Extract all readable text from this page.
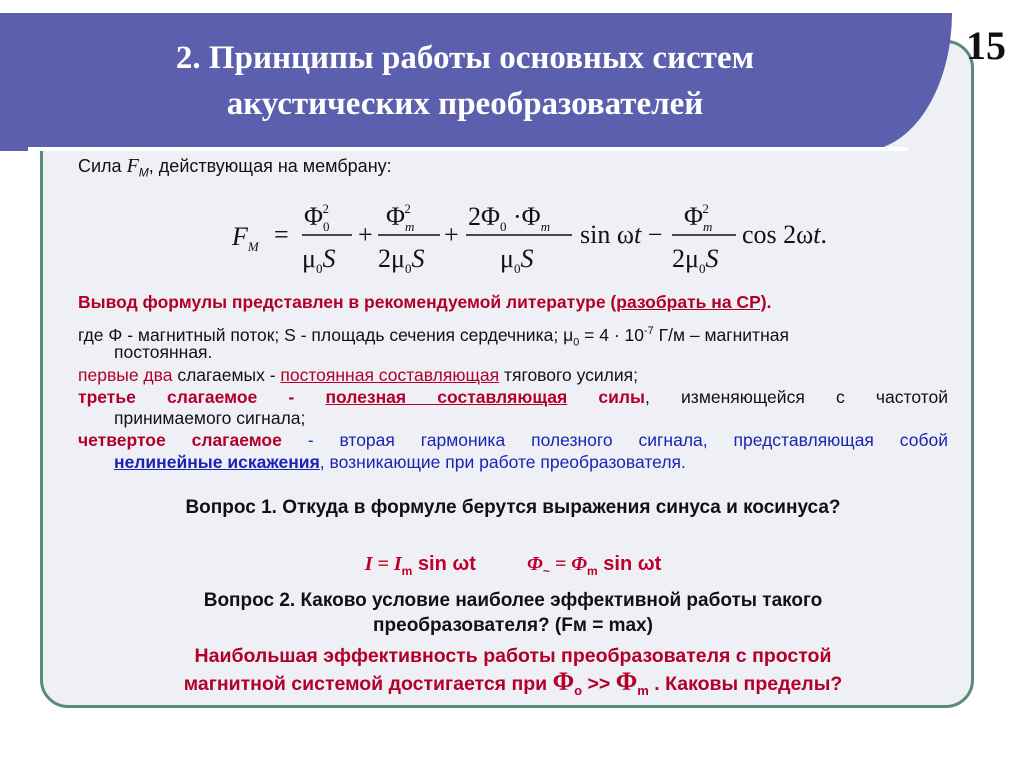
2. Принципы работы основных систем
акустических преобразователей
15
Сила $F_M$, действующая на мембрану:
$F_M$ =
$\Phi_02$
$\mu_0S$
+
$\Phi_m2$
$2\mu_0S$
+
$2\Phi_0 \cdot\Phi_m$
$\mu_0S$
sin ωt −
$\Phi_m2$
$2\mu_0S$
cos 2ωt.
Вывод формулы представлен в рекомендуемой литературе (разобрать на СР).
где Φ - магнитный поток; S - площадь сечения сердечника; $\mu_0 = 4 \cdot 10^{-7}$ Г/м – магнитная
постоянная.
первые два слагаемых - постоянная составляющая тягового усилия;
третье слагаемое - полезная составляющая силы, изменяющейся с частотой
принимаемого сигнала;
четвертое слагаемое - вторая гармоника полезного сигнала, представляющая собой
нелинейные искажения, возникающие при работе преобразователя.
Вопрос 1. Откуда в формуле берутся выражения синуса и косинуса?
$I = I_m$ sin ωt	$\Phi_\sim = \Phi_m$ sin ωt
Вопрос 2. Каково условие наиболее эффективной работы такого
преобразователя? (Fм = max)
Наибольшая эффективность работы преобразователя с простой
магнитной системой достигается при $\Phi_o >> \Phi_m$ . Каковы пределы?
